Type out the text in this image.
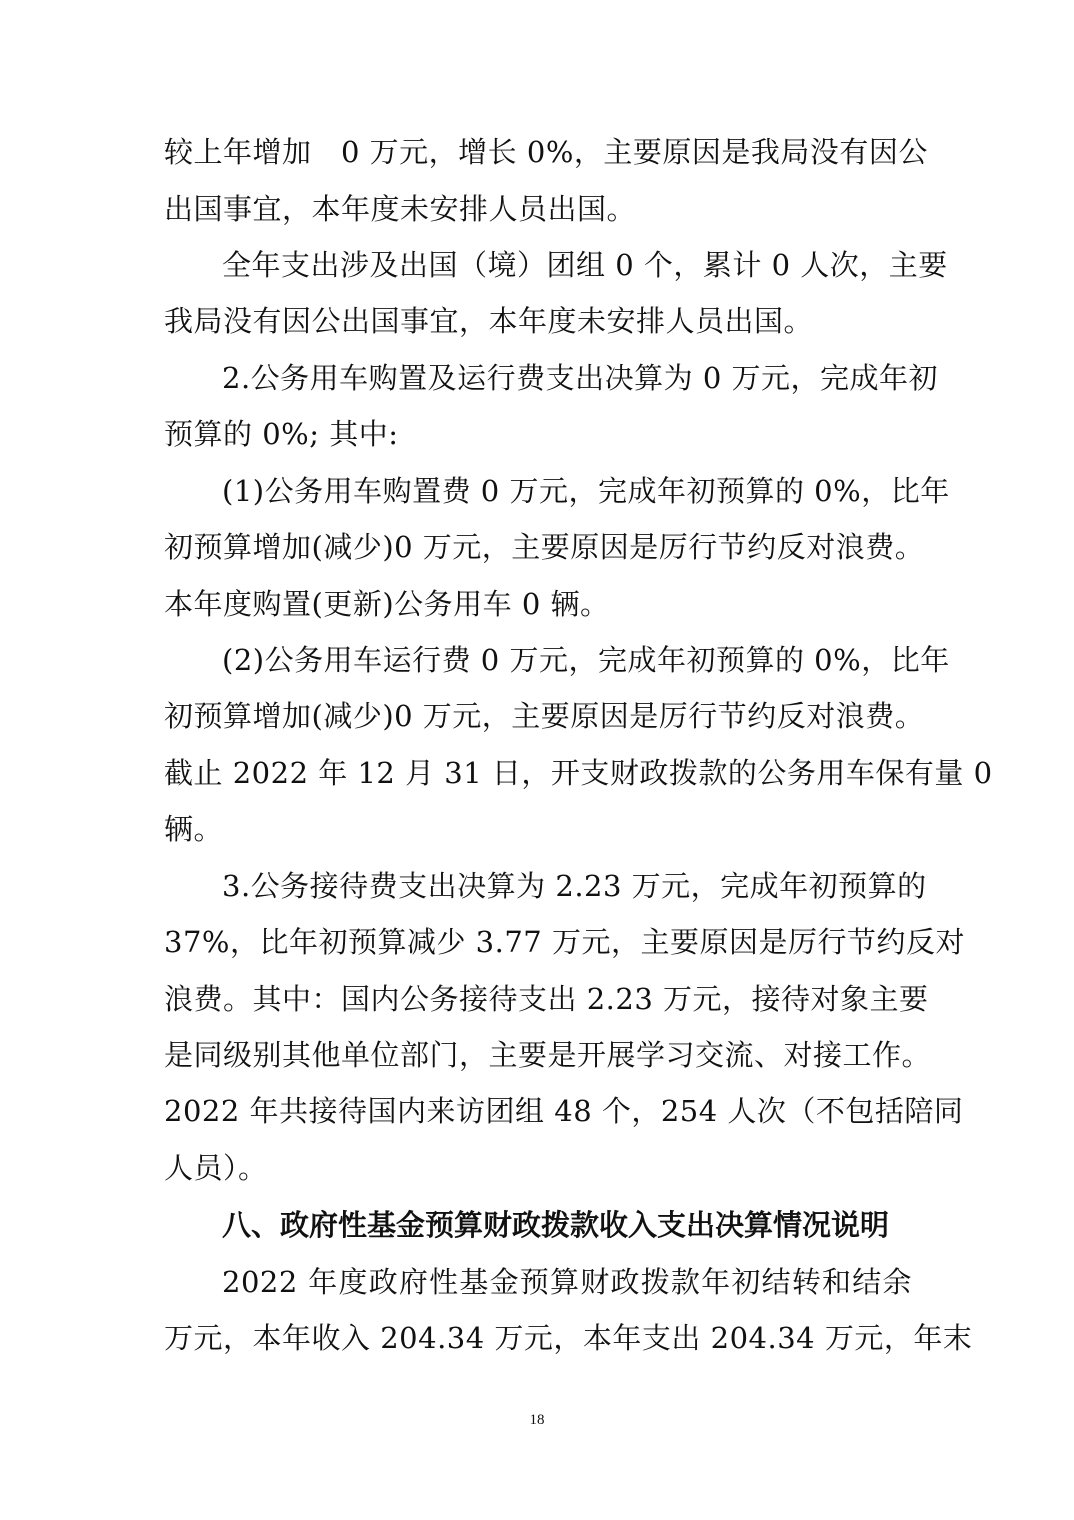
较上年增加　0 万元，增长 0%，主要原因是我局没有因公
出国事宜，本年度未安排人员出国。
全年支出涉及出国（境）团组 0 个，累计 0 人次，主要
我局没有因公出国事宜，本年度未安排人员出国。
2.公务用车购置及运行费支出决算为 0 万元，完成年初
预算的 0%; 其中:
(1)公务用车购置费 0 万元，完成年初预算的 0%，比年
初预算增加(减少)0 万元，主要原因是厉行节约反对浪费。
本年度购置(更新)公务用车 0 辆。
(2)公务用车运行费 0 万元，完成年初预算的 0%，比年
初预算增加(减少)0 万元，主要原因是厉行节约反对浪费。
截止 2022 年 12 月 31 日，开支财政拨款的公务用车保有量 0
辆。
3.公务接待费支出决算为 2.23 万元，完成年初预算的
37%，比年初预算减少 3.77 万元，主要原因是厉行节约反对
浪费。其中：国内公务接待支出 2.23 万元，接待对象主要
是同级别其他单位部门，主要是开展学习交流、对接工作。
2022 年共接待国内来访团组 48 个，254 人次（不包括陪同
人员）。
八、政府性基金预算财政拨款收入支出决算情况说明
2022 年度政府性基金预算财政拨款年初结转和结余
万元，本年收入 204.34 万元，本年支出 204.34 万元，年末
18
